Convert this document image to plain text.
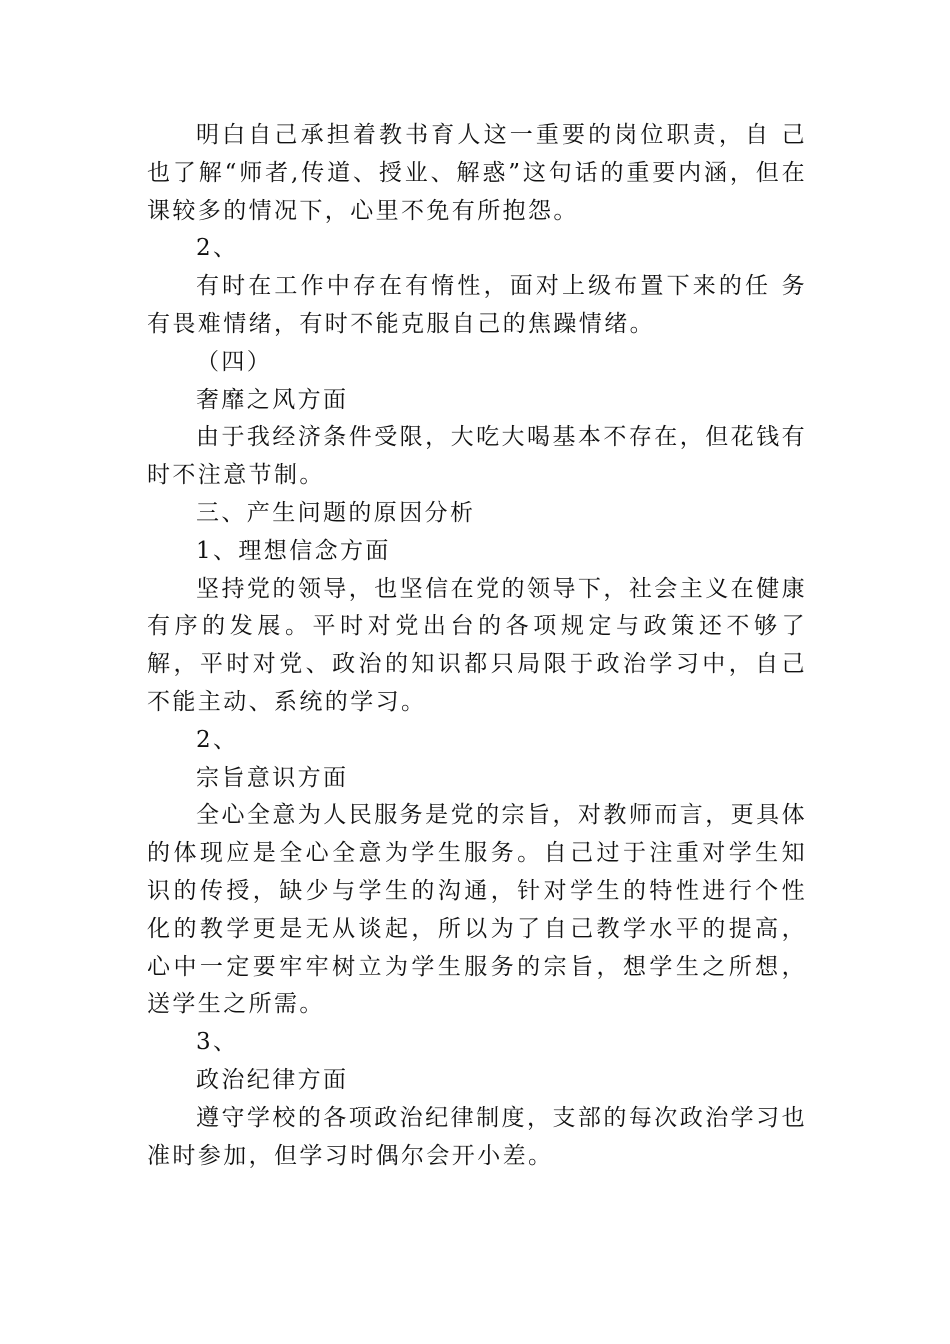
明白自己承担着教书育人这一重要的岗位职责，自 己也了解“师者,传道、授业、解惑”这句话的重要内涵，但在课较多的情况下，心里不免有所抱怨。

2、

有时在工作中存在有惰性，面对上级布置下来的任 务有畏难情绪，有时不能克服自己的焦躁情绪。

（四）

奢靡之风方面

由于我经济条件受限，大吃大喝基本不存在，但花钱有时不注意节制。

三、产生问题的原因分析

1、理想信念方面

坚持党的领导，也坚信在党的领导下，社会主义在健康有序的发展。平时对党出台的各项规定与政策还不够了解，平时对党、政治的知识都只局限于政治学习中，自己不能主动、系统的学习。

2、

宗旨意识方面

全心全意为人民服务是党的宗旨，对教师而言，更具体的体现应是全心全意为学生服务。自己过于注重对学生知识的传授，缺少与学生的沟通，针对学生的特性进行个性化的教学更是无从谈起，所以为了自己教学水平的提高，心中一定要牢牢树立为学生服务的宗旨，想学生之所想，送学生之所需。

3、

政治纪律方面

遵守学校的各项政治纪律制度，支部的每次政治学习也准时参加，但学习时偶尔会开小差。
